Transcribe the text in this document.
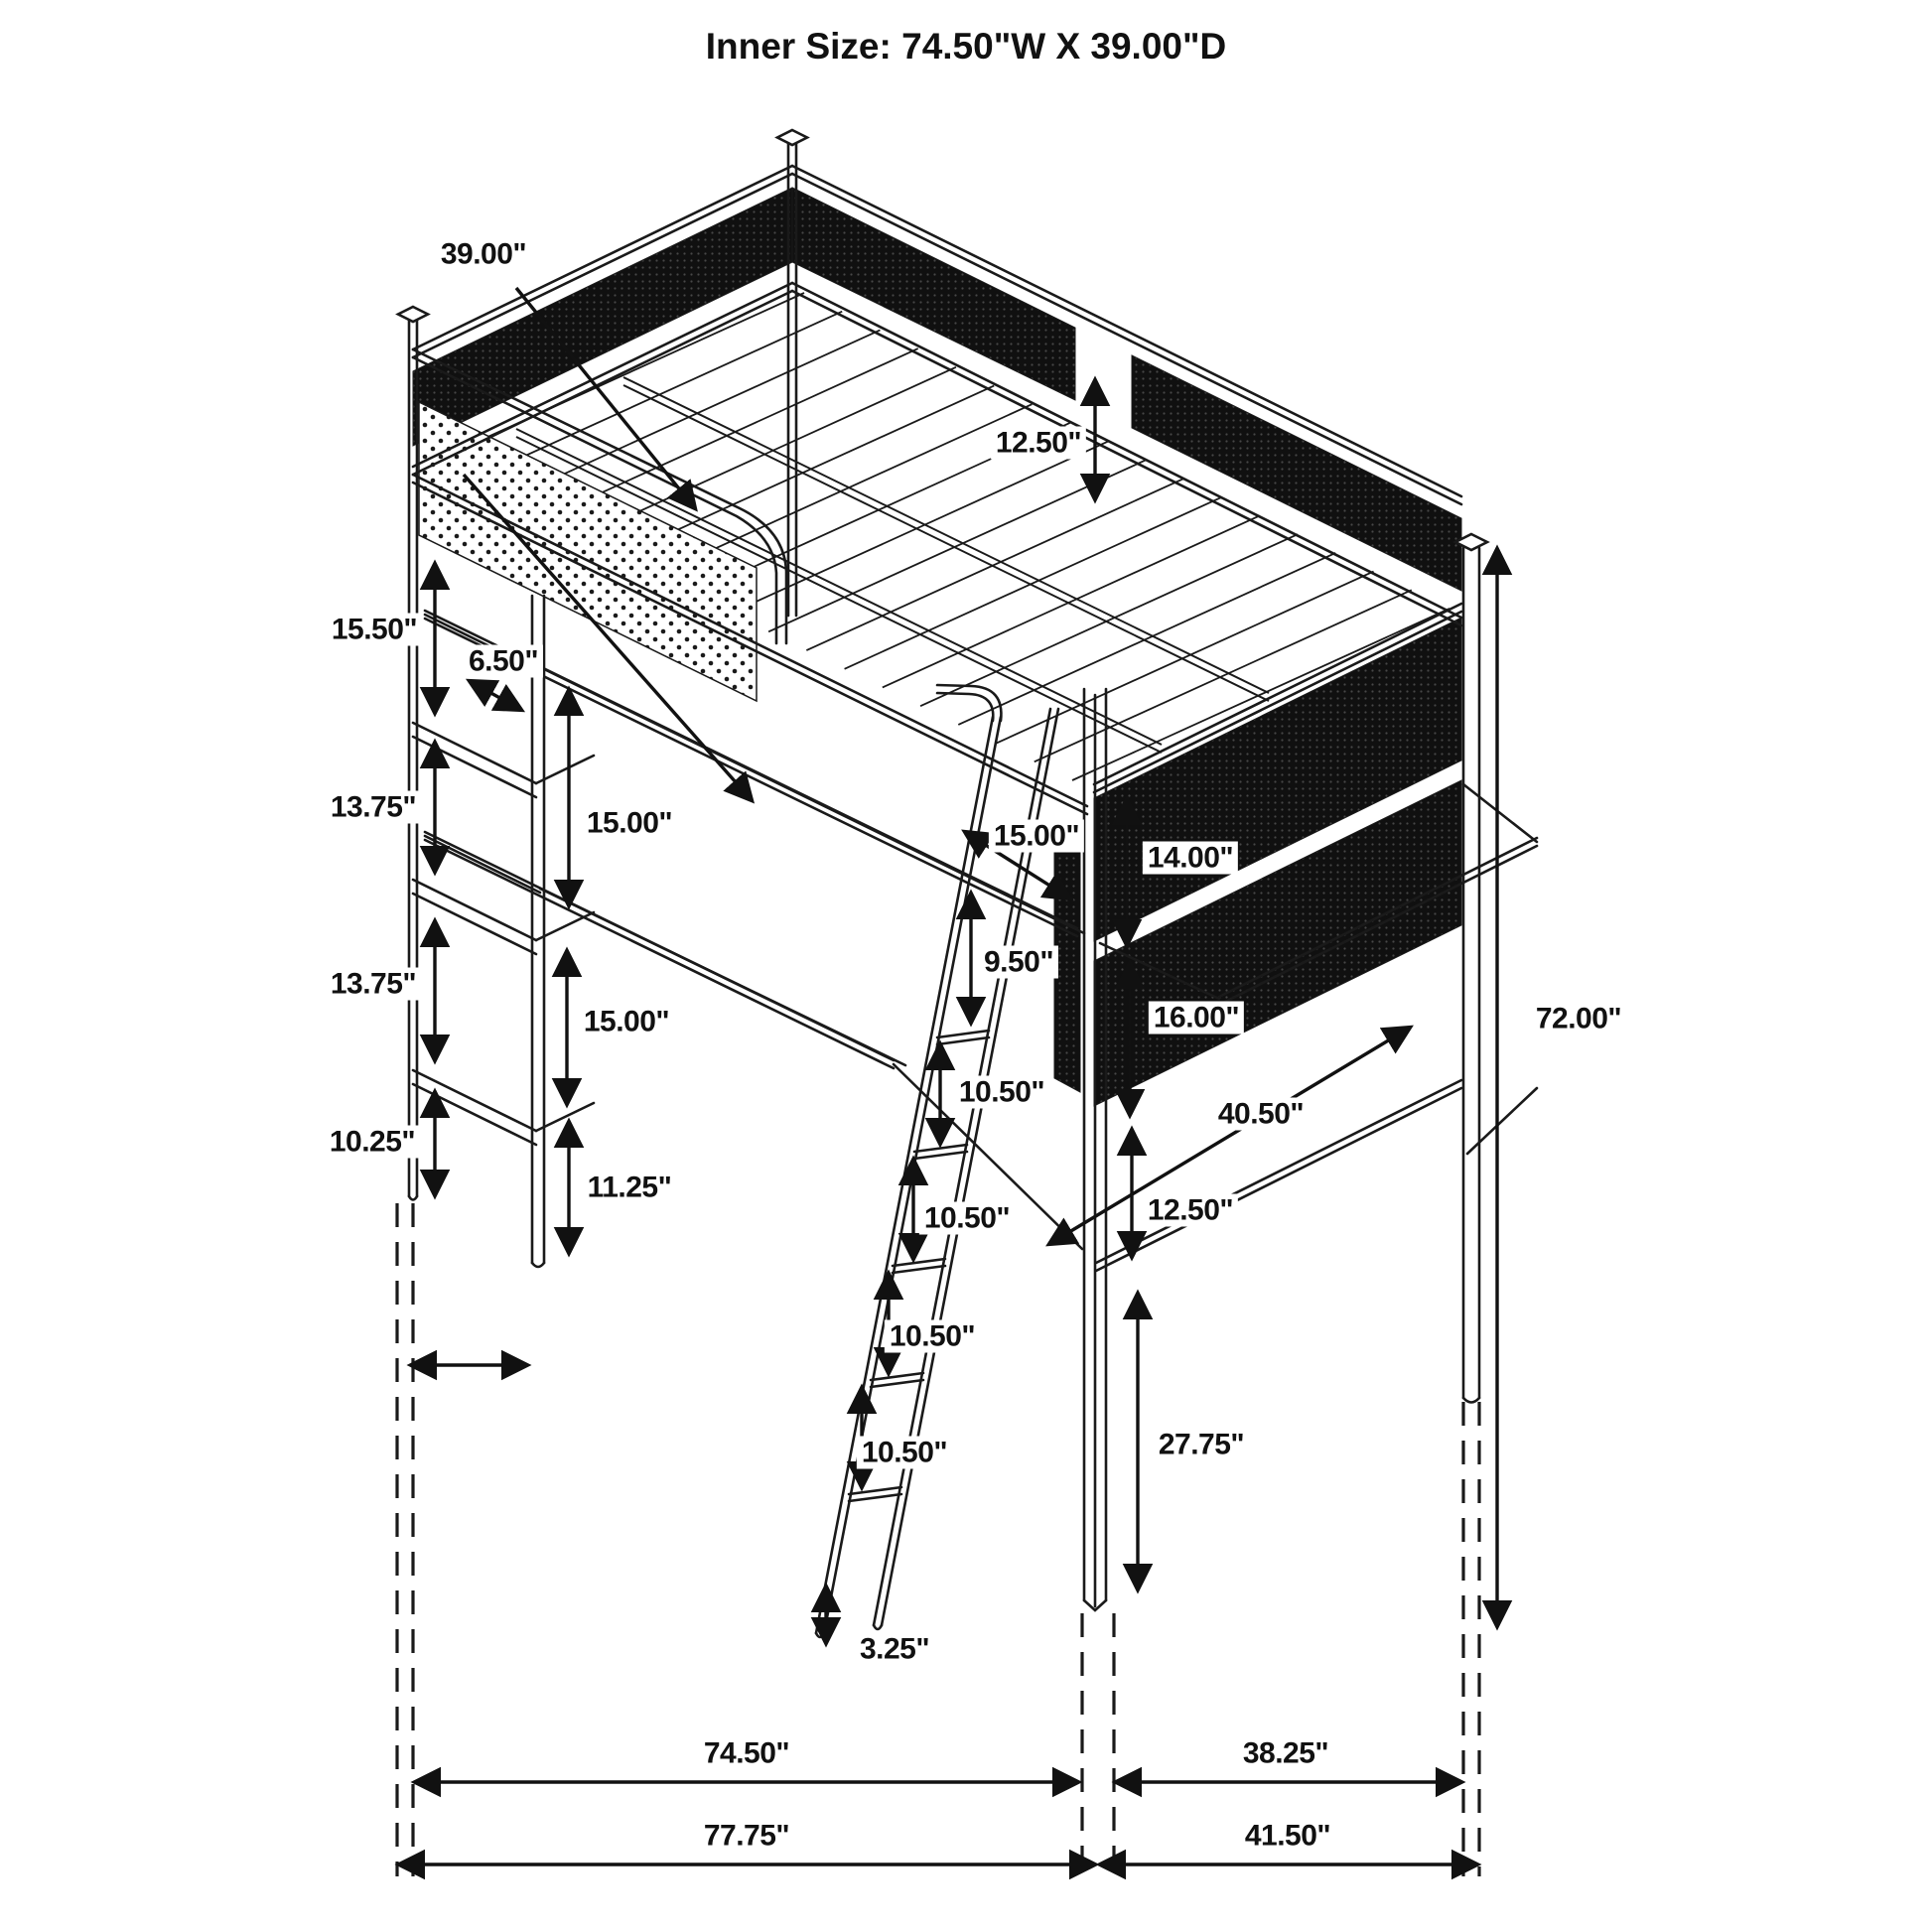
Inner Size: 74.50"W X 39.00"D
39.00"
12.50"
15.50"
6.50"
13.75"	15.00"
13.75"
15.00"
10.25"
11.25"
15.00"
14.00"
9.50"
16.00"
40.50"
12.50"
27.75"
72.00"
10.50"
10.50"
10.50"
10.50"
3.25"
74.50"	38.25"
77.75"	41.50"
